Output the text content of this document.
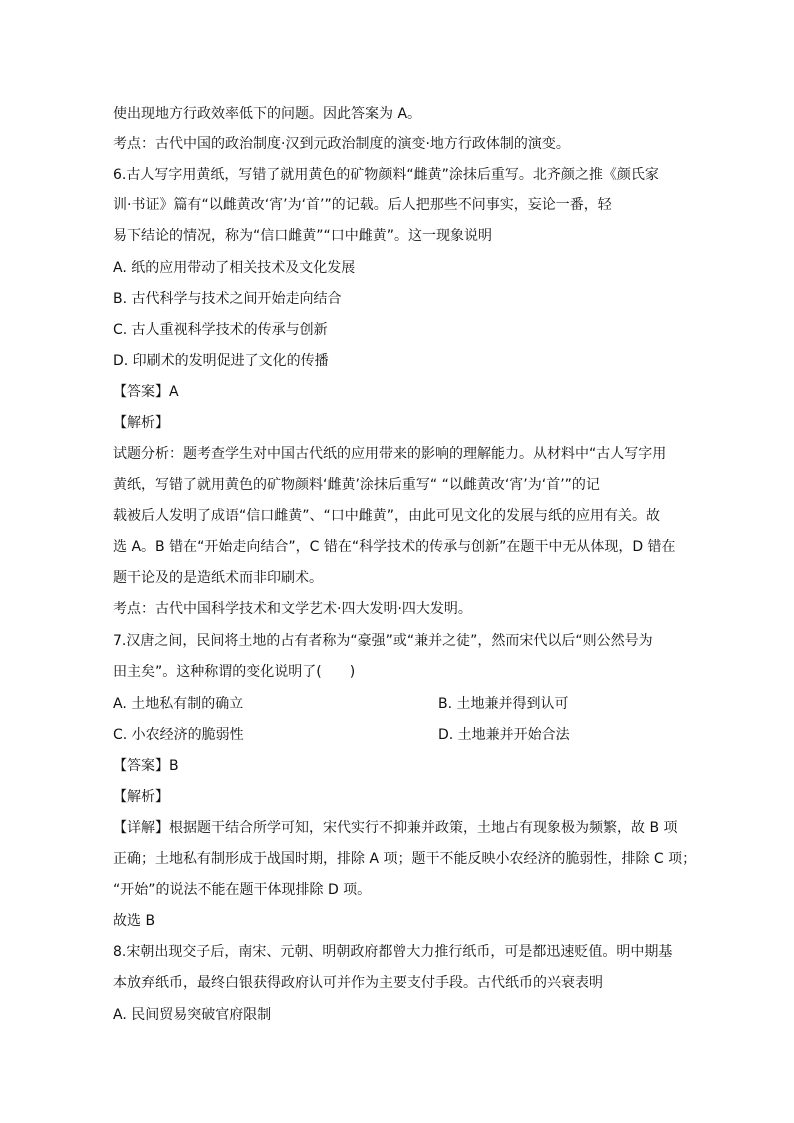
使出现地方行政效率低下的问题。因此答案为 A。
考点：古代中国的政治制度·汉到元政治制度的演变·地方行政体制的演变。
6.古人写字用黄纸，写错了就用黄色的矿物颜料“雌黄”涂抹后重写。北齐颜之推《颜氏家
训·书证》篇有“以雌黄改‘宵’为‘首’”的记载。后人把那些不问事实，妄论一番，轻
易下结论的情况，称为“信口雌黄”“口中雌黄”。这一现象说明
A. 纸的应用带动了相关技术及文化发展
B. 古代科学与技术之间开始走向结合
C. 古人重视科学技术的传承与创新
D. 印刷术的发明促进了文化的传播
【答案】A
【解析】
试题分析：题考查学生对中国古代纸的应用带来的影响的理解能力。从材料中“古人写字用
黄纸，写错了就用黄色的矿物颜料‘雌黄’涂抹后重写“ “以雌黄改‘宵’为‘首’”的记
载被后人发明了成语“信口雌黄”、“口中雌黄”，由此可见文化的发展与纸的应用有关。故
选 A。B 错在“开始走向结合”，C 错在“科学技术的传承与创新”在题干中无从体现，D 错在
题干论及的是造纸术而非印刷术。
考点：古代中国科学技术和文学艺术·四大发明·四大发明。
7.汉唐之间，民间将土地的占有者称为“豪强”或“兼并之徒”，然而宋代以后“则公然号为
田主矣”。这种称谓的变化说明了(　　)
A. 土地私有制的确立	B. 土地兼并得到认可
C. 小农经济的脆弱性	D. 土地兼并开始合法
【答案】B
【解析】
【详解】根据题干结合所学可知，宋代实行不抑兼并政策，土地占有现象极为频繁，故 B 项
正确；土地私有制形成于战国时期，排除 A 项；题干不能反映小农经济的脆弱性，排除 C 项；
“开始”的说法不能在题干体现排除 D 项。
故选 B
8.宋朝出现交子后，南宋、元朝、明朝政府都曾大力推行纸币，可是都迅速贬值。明中期基
本放弃纸币，最终白银获得政府认可并作为主要支付手段。古代纸币的兴衰表明
A. 民间贸易突破官府限制
